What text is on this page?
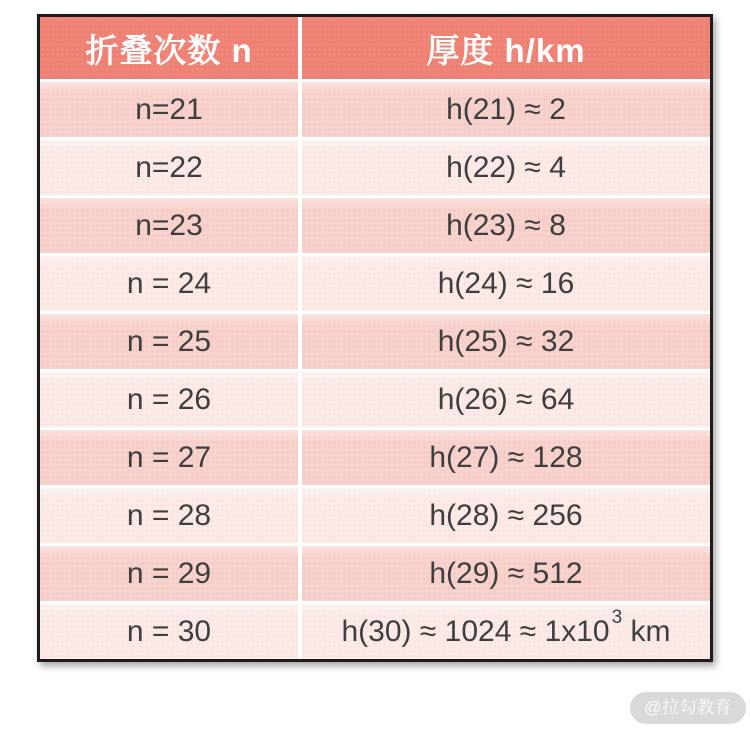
折叠次数 n	厚度 h/km
n=21	h(21) ≈ 2
n=22	h(22) ≈ 4
n=23	h(23) ≈ 8
n = 24	h(24) ≈ 16
n = 25	h(25) ≈ 32
n = 26	h(26) ≈ 64
n = 27	h(27) ≈ 128
n = 28	h(28) ≈ 256
n = 29	h(29) ≈ 512
n = 30	h(30) ≈ 1024 ≈ 1x10 3 km
@拉勾教育
